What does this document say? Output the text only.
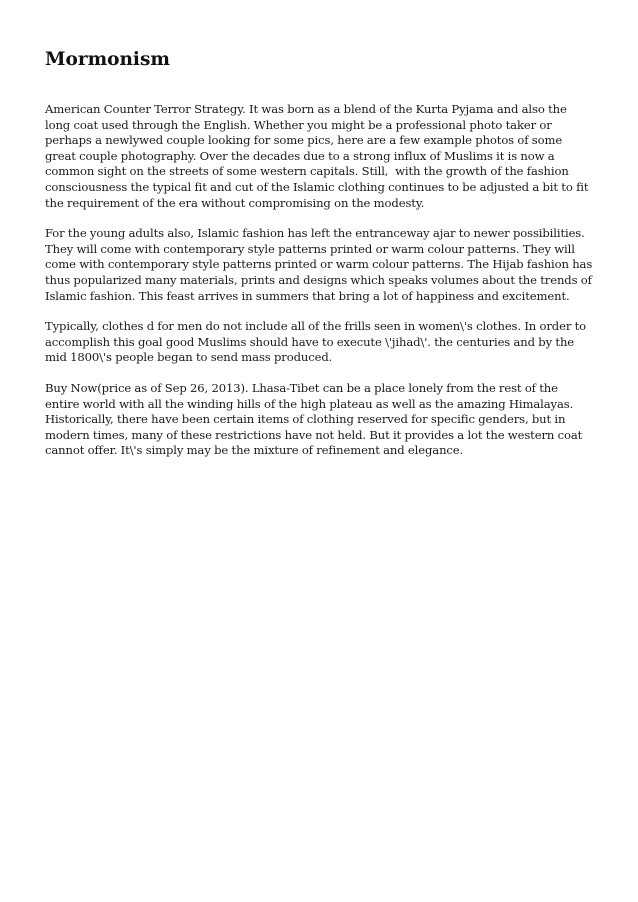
Mormonism

American Counter Terror Strategy. It was born as a blend of the Kurta Pyjama and also the long coat used through the English. Whether you might be a professional photo taker or perhaps a newlywed couple looking for some pics, here are a few example photos of some great couple photography. Over the decades due to a strong influx of Muslims it is now a common sight on the streets of some western capitals. Still,  with the growth of the fashion consciousness the typical fit and cut of the Islamic clothing continues to be adjusted a bit to fit the requirement of the era without compromising on the modesty.

For the young adults also, Islamic fashion has left the entranceway ajar to newer possibilities. They will come with contemporary style patterns printed or warm colour patterns. They will come with contemporary style patterns printed or warm colour patterns. The Hijab fashion has thus popularized many materials, prints and designs which speaks volumes about the trends of Islamic fashion. This feast arrives in summers that bring a lot of happiness and excitement.

Typically, clothes d for men do not include all of the frills seen in women\'s clothes. In order to accomplish this goal good Muslims should have to execute \'jihad\'. the centuries and by the mid 1800\'s people began to send mass produced.

Buy Now(price as of Sep 26, 2013). Lhasa-Tibet can be a place lonely from the rest of the entire world with all the winding hills of the high plateau as well as the amazing Himalayas. Historically, there have been certain items of clothing reserved for specific genders, but in modern times, many of these restrictions have not held. But it provides a lot the western coat cannot offer. It\'s simply may be the mixture of refinement and elegance.
